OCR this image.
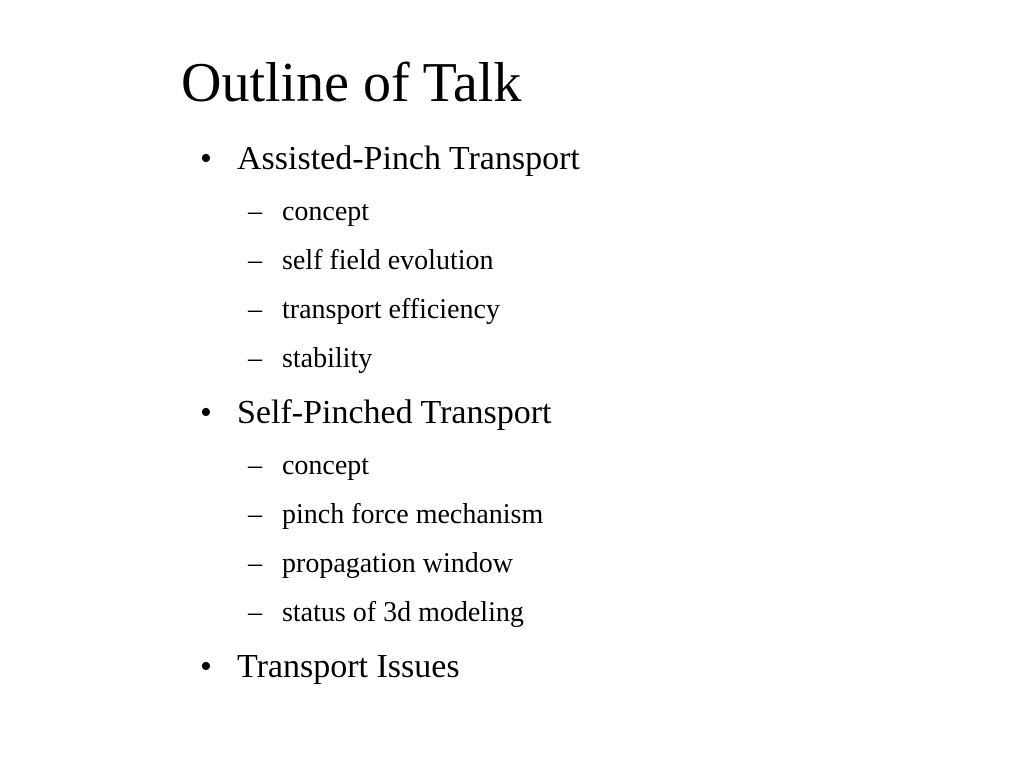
Outline of Talk
• Assisted-Pinch Transport
– concept
– self field evolution
– transport efficiency
– stability
• Self-Pinched Transport
– concept
– pinch force mechanism
– propagation window
– status of 3d modeling
• Transport Issues
